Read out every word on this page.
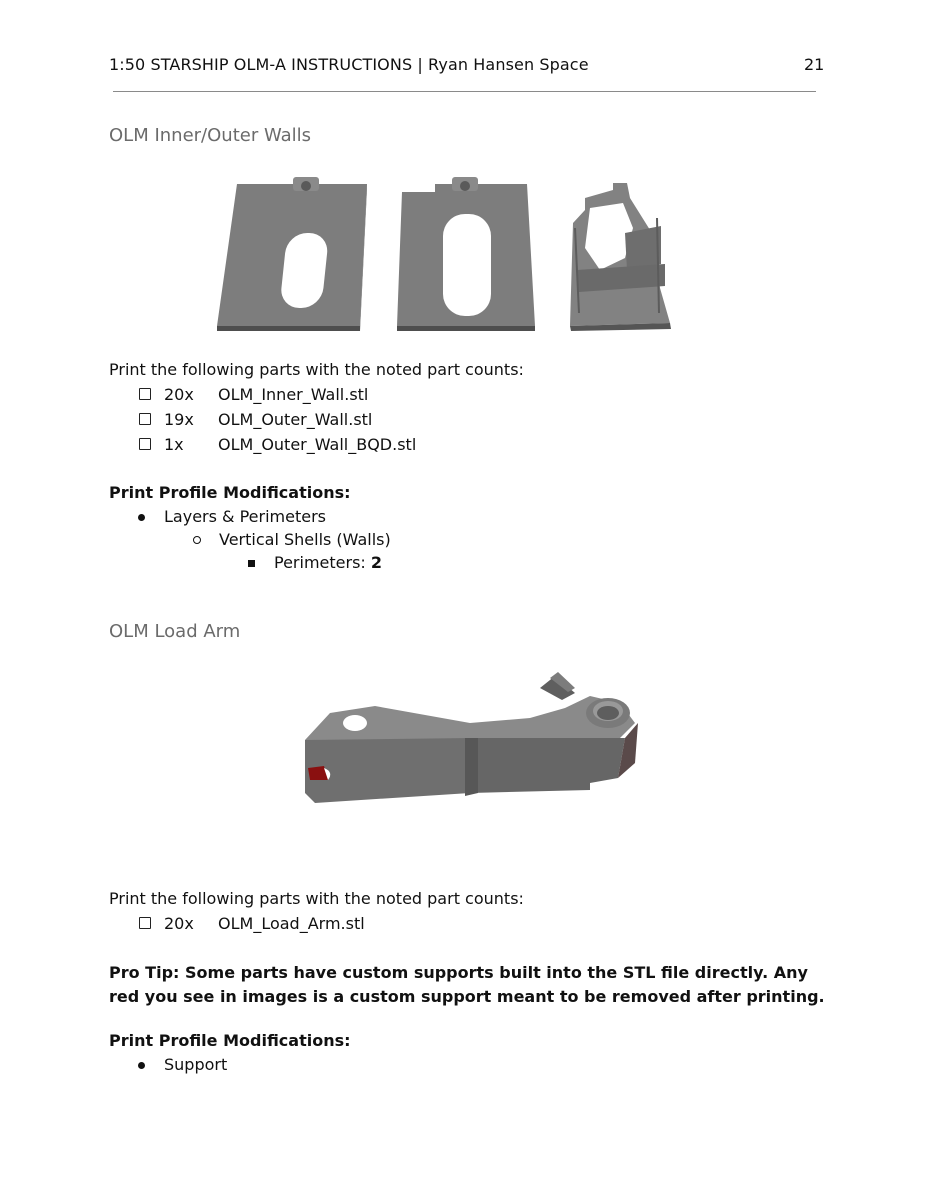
1:50 STARSHIP OLM-A INSTRUCTIONS | Ryan Hansen Space	21
OLM Inner/Outer Walls
Print the following parts with the noted part counts:
20x OLM_Inner_Wall.stl
19x OLM_Outer_Wall.stl
1x OLM_Outer_Wall_BQD.stl
Print Profile Modifications:
Layers & Perimeters
Vertical Shells (Walls)
Perimeters: 2
OLM Load Arm
Print the following parts with the noted part counts:
20x OLM_Load_Arm.stl
Pro Tip: Some parts have custom supports built into the STL file directly. Any red you see in images is a custom support meant to be removed after printing.
Print Profile Modifications:
Support
